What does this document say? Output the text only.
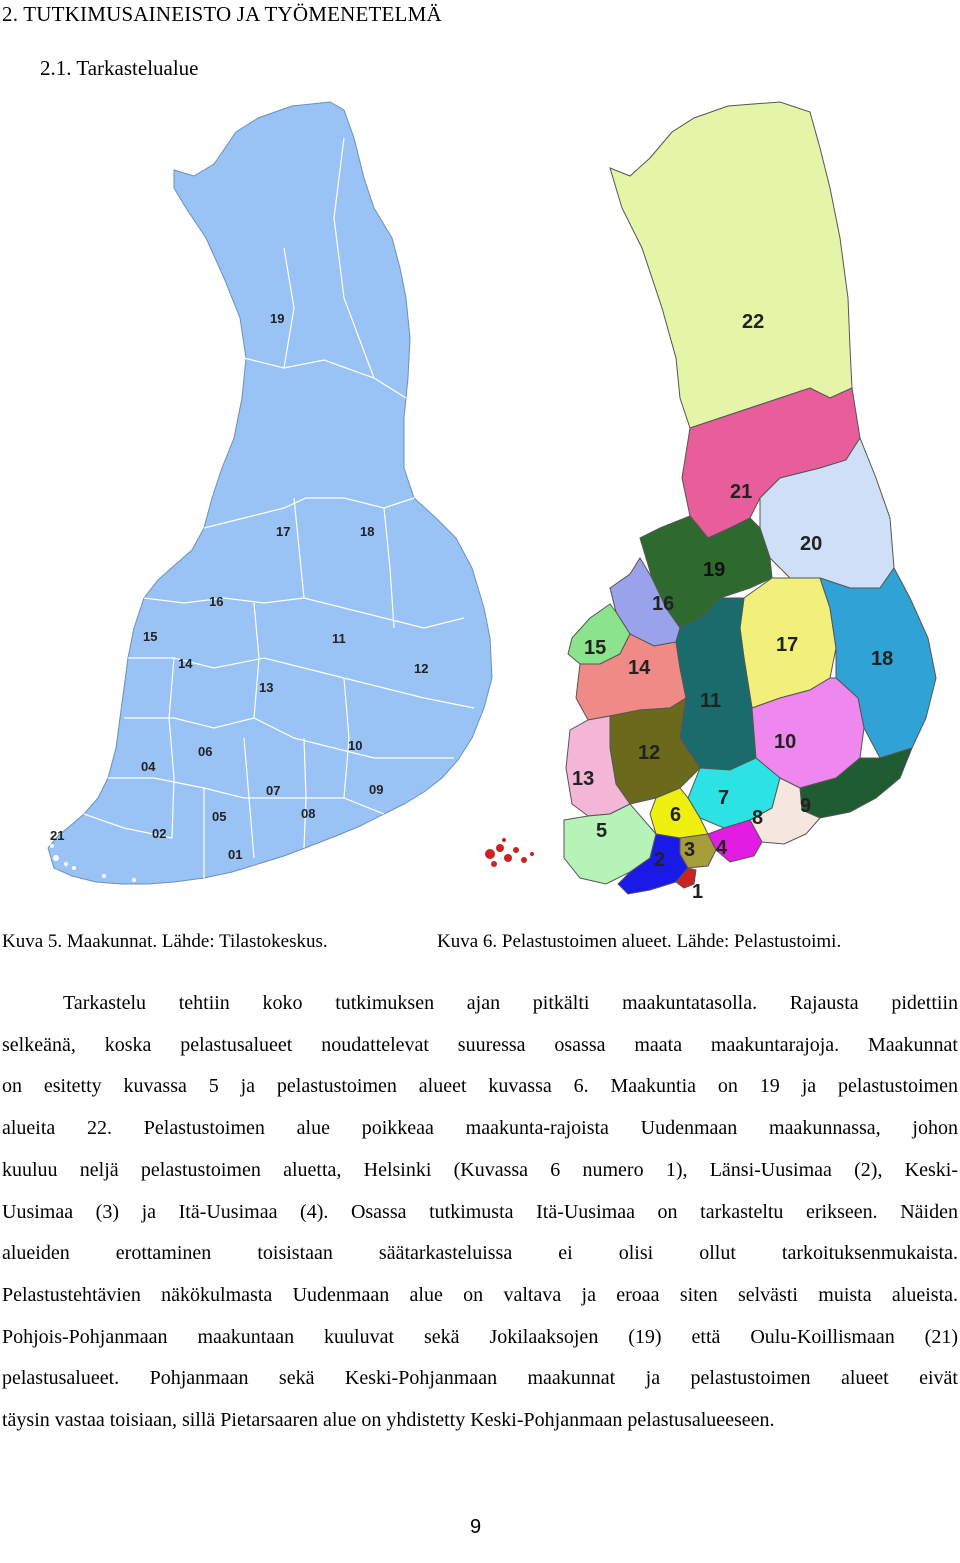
2. TUTKIMUSAINEISTO JA TYÖMENETELMÄ
2.1. Tarkastelualue
19
17	18
16
15
14
11
12
13
06	10
04
07	09
05	08
21	02
01
22
21
20
19
16
15	17
18
14
11
12	10
13
7
6	9
8
5
3 4
2
1
Kuva 5. Maakunnat. Lähde: Tilastokeskus.	Kuva 6. Pelastustoimen alueet. Lähde: Pelastustoimi.

Tarkastelu tehtiin koko tutkimuksen ajan pitkälti maakuntatasolla. Rajausta pidettiin
selkeänä, koska pelastusalueet noudattelevat suuressa osassa maata maakuntarajoja. Maakunnat
on esitetty kuvassa 5 ja pelastustoimen alueet kuvassa 6. Maakuntia on 19 ja pelastustoimen
alueita 22. Pelastustoimen alue poikkeaa maakunta-rajoista Uudenmaan maakunnassa, johon
kuuluu neljä pelastustoimen aluetta, Helsinki (Kuvassa 6 numero 1), Länsi-Uusimaa (2), Keski-
Uusimaa (3) ja Itä-Uusimaa (4). Osassa tutkimusta Itä-Uusimaa on tarkasteltu erikseen. Näiden
alueiden erottaminen toisistaan säätarkasteluissa ei olisi ollut tarkoituksenmukaista.
Pelastustehtävien näkökulmasta Uudenmaan alue on valtava ja eroaa siten selvästi muista alueista.
Pohjois-Pohjanmaan maakuntaan kuuluvat sekä Jokilaaksojen (19) että Oulu-Koillismaan (21)
pelastusalueet. Pohjanmaan sekä Keski-Pohjanmaan maakunnat ja pelastustoimen alueet eivät
täysin vastaa toisiaan, sillä Pietarsaaren alue on yhdistetty Keski-Pohjanmaan pelastusalueeseen.

9
